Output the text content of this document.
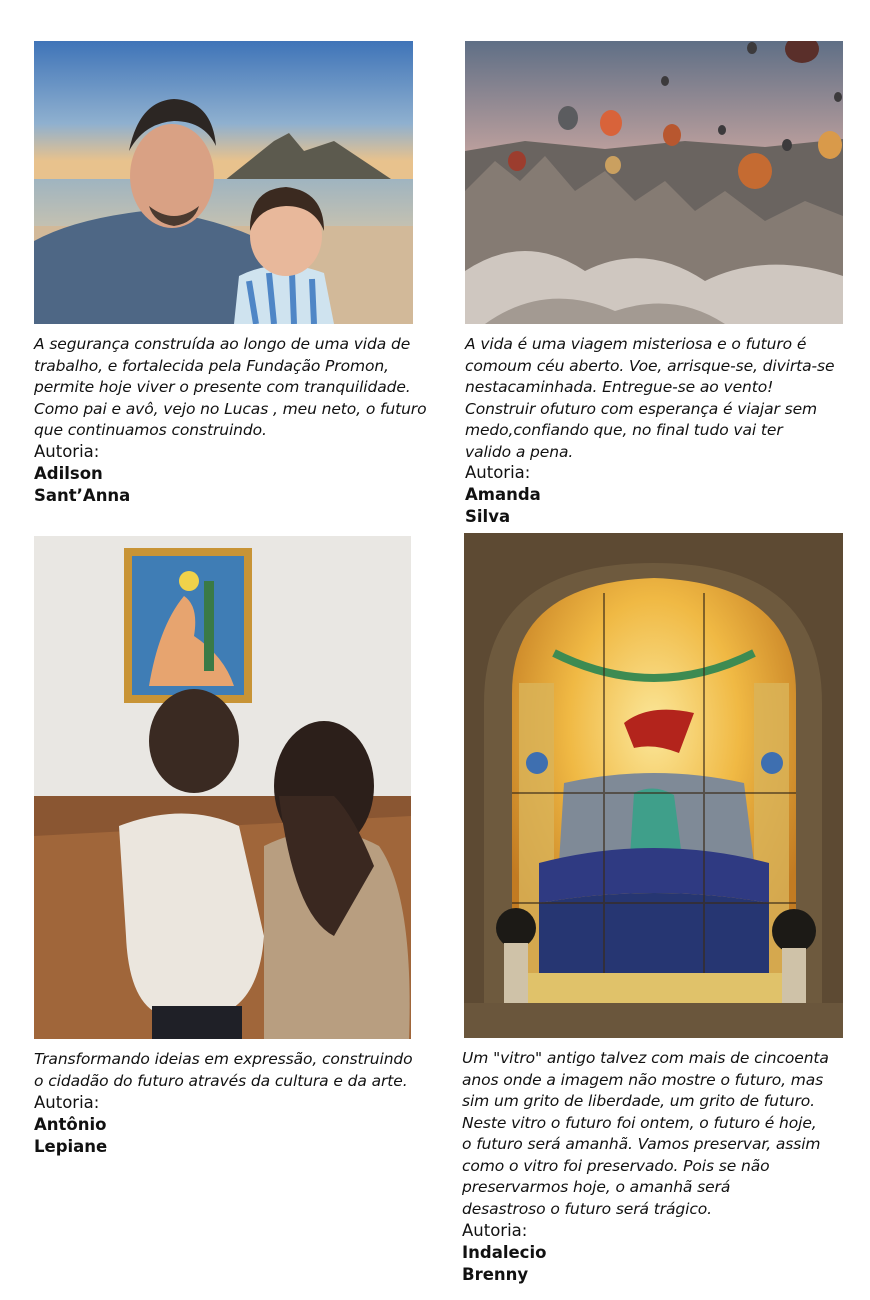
A segurança construída ao longo de uma vida de
trabalho, e fortalecida pela Fundação Promon,
permite hoje viver o presente com tranquilidade.
Como pai e avô, vejo no Lucas , meu neto, o futuro
que continuamos construindo.
Autoria: Adilson Sant’Anna
A vida é uma viagem misteriosa e o futuro é
comoum céu aberto. Voe, arrisque-se, divirta-se
nestacaminhada. Entregue-se ao vento!
Construir ofuturo com esperança é viajar sem
medo,confiando que, no final tudo vai ter
valido a pena.
Autoria: Amanda Silva
Transformando ideias em expressão, construindo
o cidadão do futuro através da cultura e da arte.
Autoria: Antônio Lepiane
Um "vitro" antigo talvez com mais de cincoenta
anos onde a imagem não mostre o futuro, mas
sim um grito de liberdade, um grito de futuro.
Neste vitro o futuro foi ontem, o futuro é hoje,
o futuro será amanhã. Vamos preservar, assim
como o vitro foi preservado. Pois se não
preservarmos hoje, o amanhã será
desastroso o futuro será trágico.
Autoria: Indalecio Brenny
